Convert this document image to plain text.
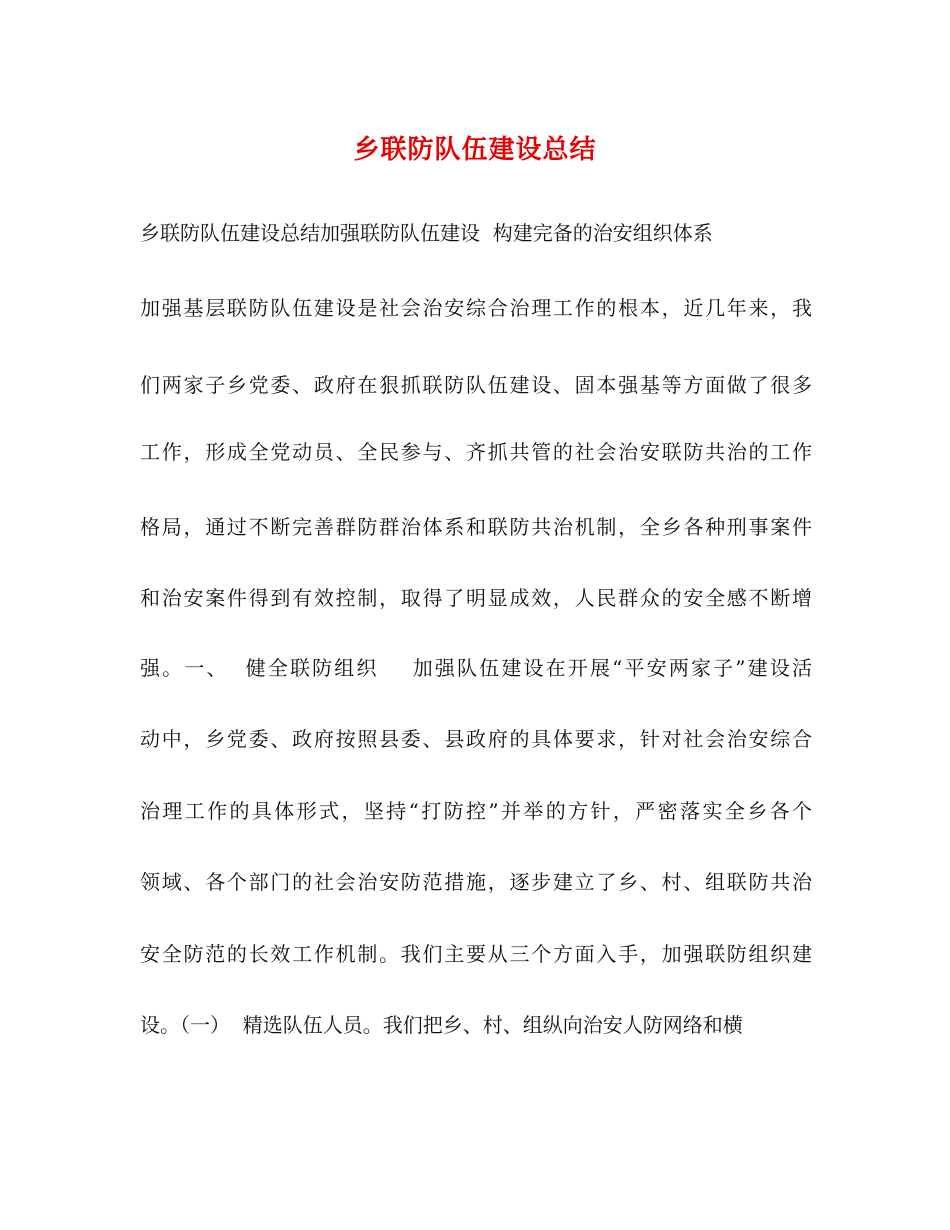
乡联防队伍建设总结
乡联防队伍建设总结加强联防队伍建设  构建完备的治安组织体系
加强基层联防队伍建设是社会治安综合治理工作的根本，近几年来，我
们两家子乡党委、政府在狠抓联防队伍建设、固本强基等方面做了很多
工作，形成全党动员、全民参与、齐抓共管的社会治安联防共治的工作
格局，通过不断完善群防群治体系和联防共治机制，全乡各种刑事案件
和治安案件得到有效控制，取得了明显成效，人民群众的安全感不断增
强。一、  健全联防组织    加强队伍建设在开展“平安两家子”建设活
动中，乡党委、政府按照县委、县政府的具体要求，针对社会治安综合
治理工作的具体形式，坚持“打防控”并举的方针，严密落实全乡各个
领域、各个部门的社会治安防范措施，逐步建立了乡、村、组联防共治
安全防范的长效工作机制。我们主要从三个方面入手，加强联防组织建
设。（一）  精选队伍人员。我们把乡、村、组纵向治安人防网络和横
